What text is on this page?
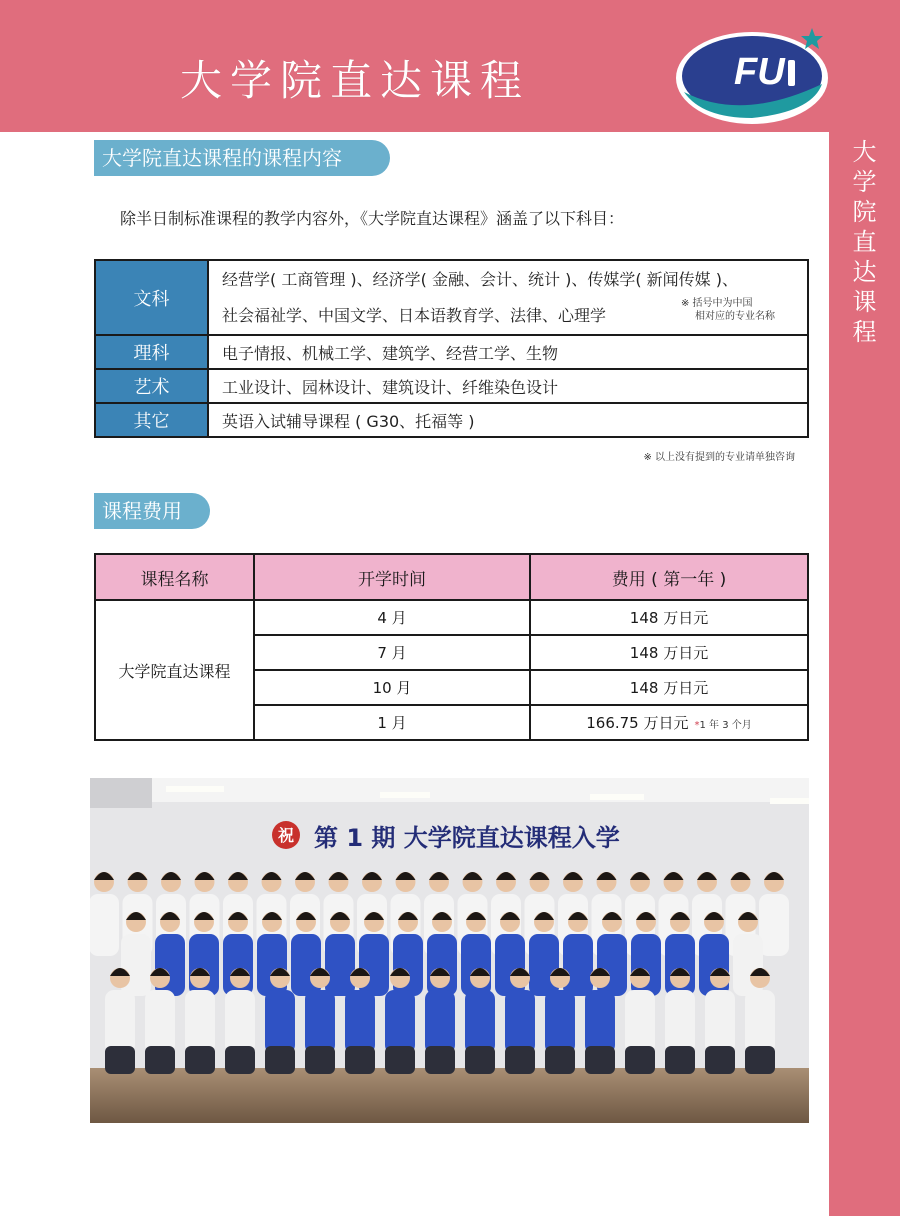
大学院直达课程	FU
大
学
院
直
达
课
程
大学院直达课程的课程内容
除半日制标准课程的教学内容外，《大学院直达课程》涵盖了以下科目：
文科	经营学( 工商管理 )、经济学( 金融、会计、统计 )、传媒学( 新闻传媒 )、
社会福祉学、中国文学、日本语教育学、法律、心理学
※ 括号中为中国
相对应的专业名称

理科	电子情报、机械工学、建筑学、经营工学、生物
艺术	工业设计、园林设计、建筑设计、纤维染色设计
其它	英语入试辅导课程 ( G30、托福等 )
※ 以上没有提到的专业请单独咨询
课程费用
课程名称	开学时间	费用 ( 第一年 )
大学院直达课程	4 月	148 万日元
	7 月	148 万日元
	10 月	148 万日元
	1 月	166.75 万日元 *1 年 3 个月
祝 第 1 期 大学院直达课程入学
